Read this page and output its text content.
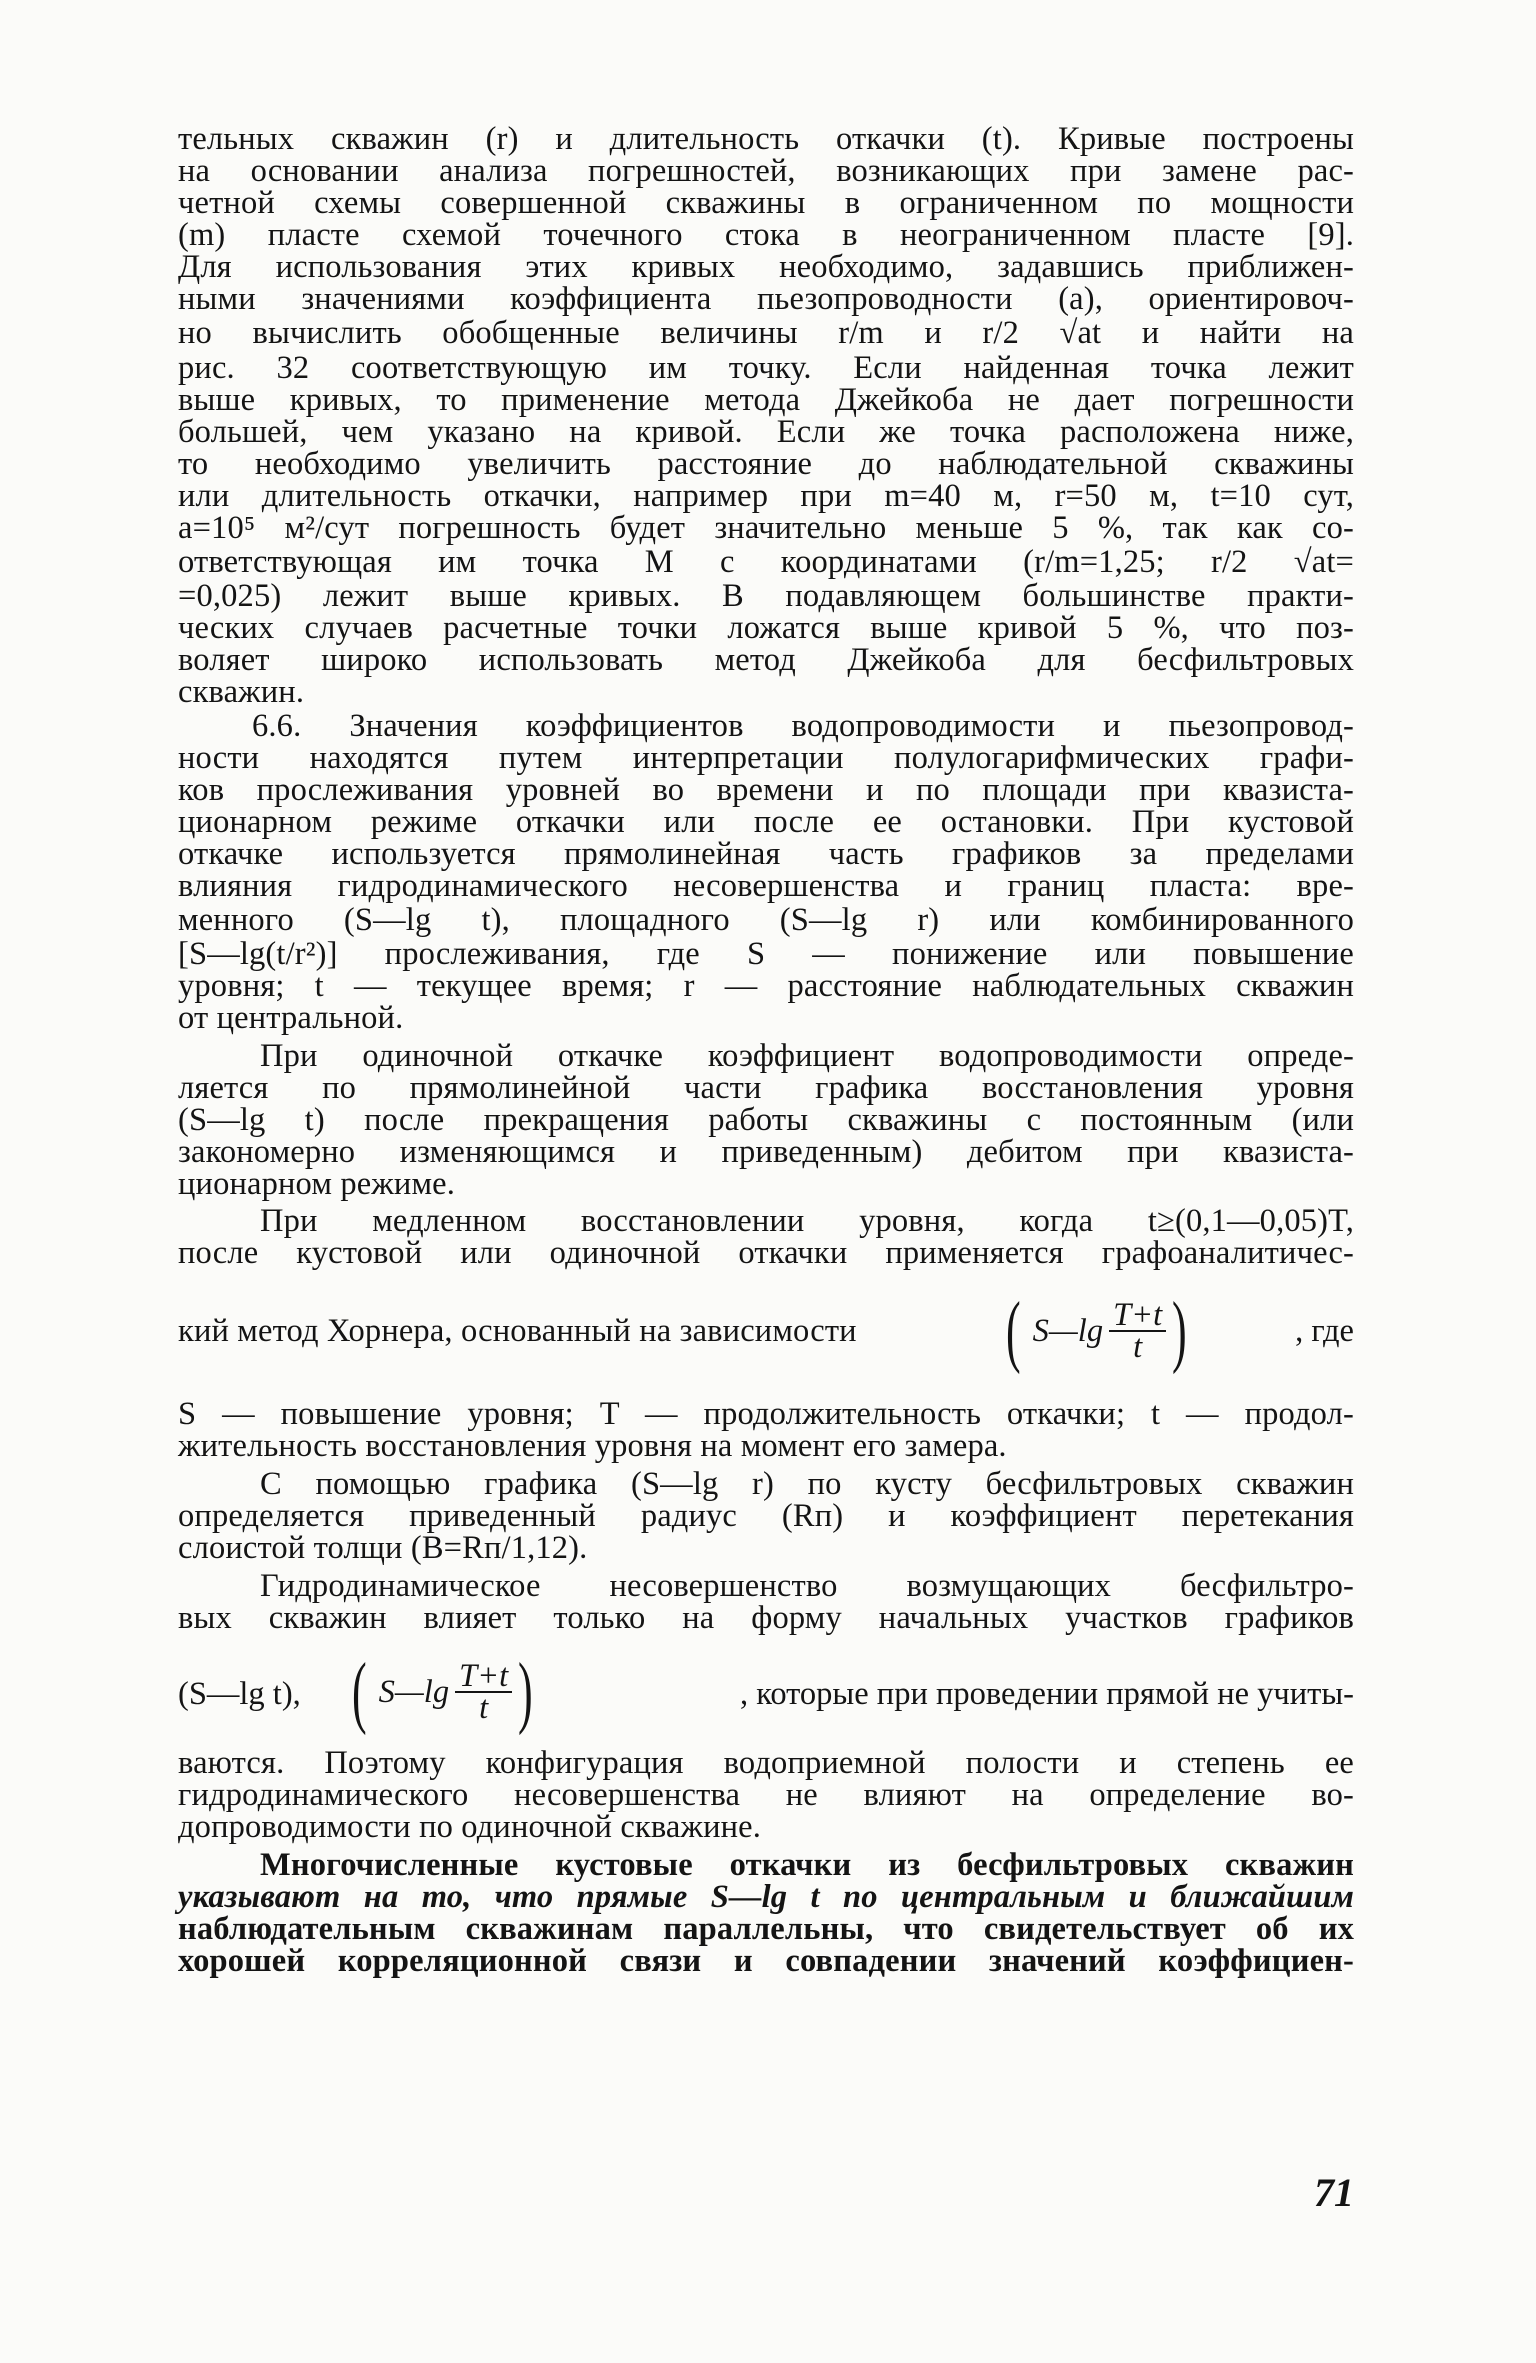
тельных скважин (r) и длительность откачки (t). Кривые построены
на основании анализа погрешностей, возникающих при замене рас-
четной схемы совершенной скважины в ограниченном по мощности
(m) пласте схемой точечного стока в неограниченном пласте [9].
Для использования этих кривых необходимо, задавшись приближен-
ными значениями коэффициента пьезопроводности (a), ориентировоч-
но вычислить обобщенные величины r/m и r/2 √at и найти на
рис. 32 соответствующую им точку. Если найденная точка лежит
выше кривых, то применение метода Джейкоба не дает погрешности
большей, чем указано на кривой. Если же точка расположена ниже,
то необходимо увеличить расстояние до наблюдательной скважины
или длительность откачки, например при m=40 м, r=50 м, t=10 сут,
a=10⁵ м²/сут погрешность будет значительно меньше 5 %, так как со-
ответствующая им точка M с координатами (r/m=1,25; r/2 √at=
=0,025) лежит выше кривых. В подавляющем большинстве практи-
ческих случаев расчетные точки ложатся выше кривой 5 %, что поз-
воляет широко использовать метод Джейкоба для бесфильтровых
скважин.
6.6. Значения коэффициентов водопроводимости и пьезопровод-
ности находятся путем интерпретации полулогарифмических графи-
ков прослеживания уровней во времени и по площади при квазиста-
ционарном режиме откачки или после ее остановки. При кустовой
откачке используется прямолинейная часть графиков за пределами
влияния гидродинамического несовершенства и границ пласта: вре-
менного (S—lg t), площадного (S—lg r) или комбинированного
[S—lg(t/r²)] прослеживания, где S — понижение или повышение
уровня; t — текущее время; r — расстояние наблюдательных скважин
от центральной.
При одиночной откачке коэффициент водопроводимости опреде-
ляется по прямолинейной части графика восстановления уровня
(S—lg t) после прекращения работы скважины с постоянным (или
закономерно изменяющимся и приведенным) дебитом при квазиста-
ционарном режиме.
При медленном восстановлении уровня, когда t≥(0,1—0,05)T,
после кустовой или одиночной откачки применяется графоаналитичес-
кий метод Хорнера, основанный на зависимости	( S—lg $\frac{T+t}{t}$ )	, где
S — повышение уровня; T — продолжительность откачки; t — продол-
жительность восстановления уровня на момент его замера.
С помощью графика (S—lg r) по кусту бесфильтровых скважин
определяется приведенный радиус (Rп) и коэффициент перетекания
слоистой толщи (B=Rп/1,12).
Гидродинамическое несовершенство возмущающих бесфильтро-
вых скважин влияет только на форму начальных участков графиков
(S—lg t), ( S—lg $\frac{T+t}{t}$ )	, которые при проведении прямой не учиты-
ваются. Поэтому конфигурация водоприемной полости и степень ее
гидродинамического несовершенства не влияют на определение во-
допроводимости по одиночной скважине.
Многочисленные кустовые откачки из бесфильтровых скважин
указывают на то, что прямые S—lg t по центральным и ближайшим
наблюдательным скважинам параллельны, что свидетельствует об их
хорошей корреляционной связи и совпадении значений коэффициен-
71
